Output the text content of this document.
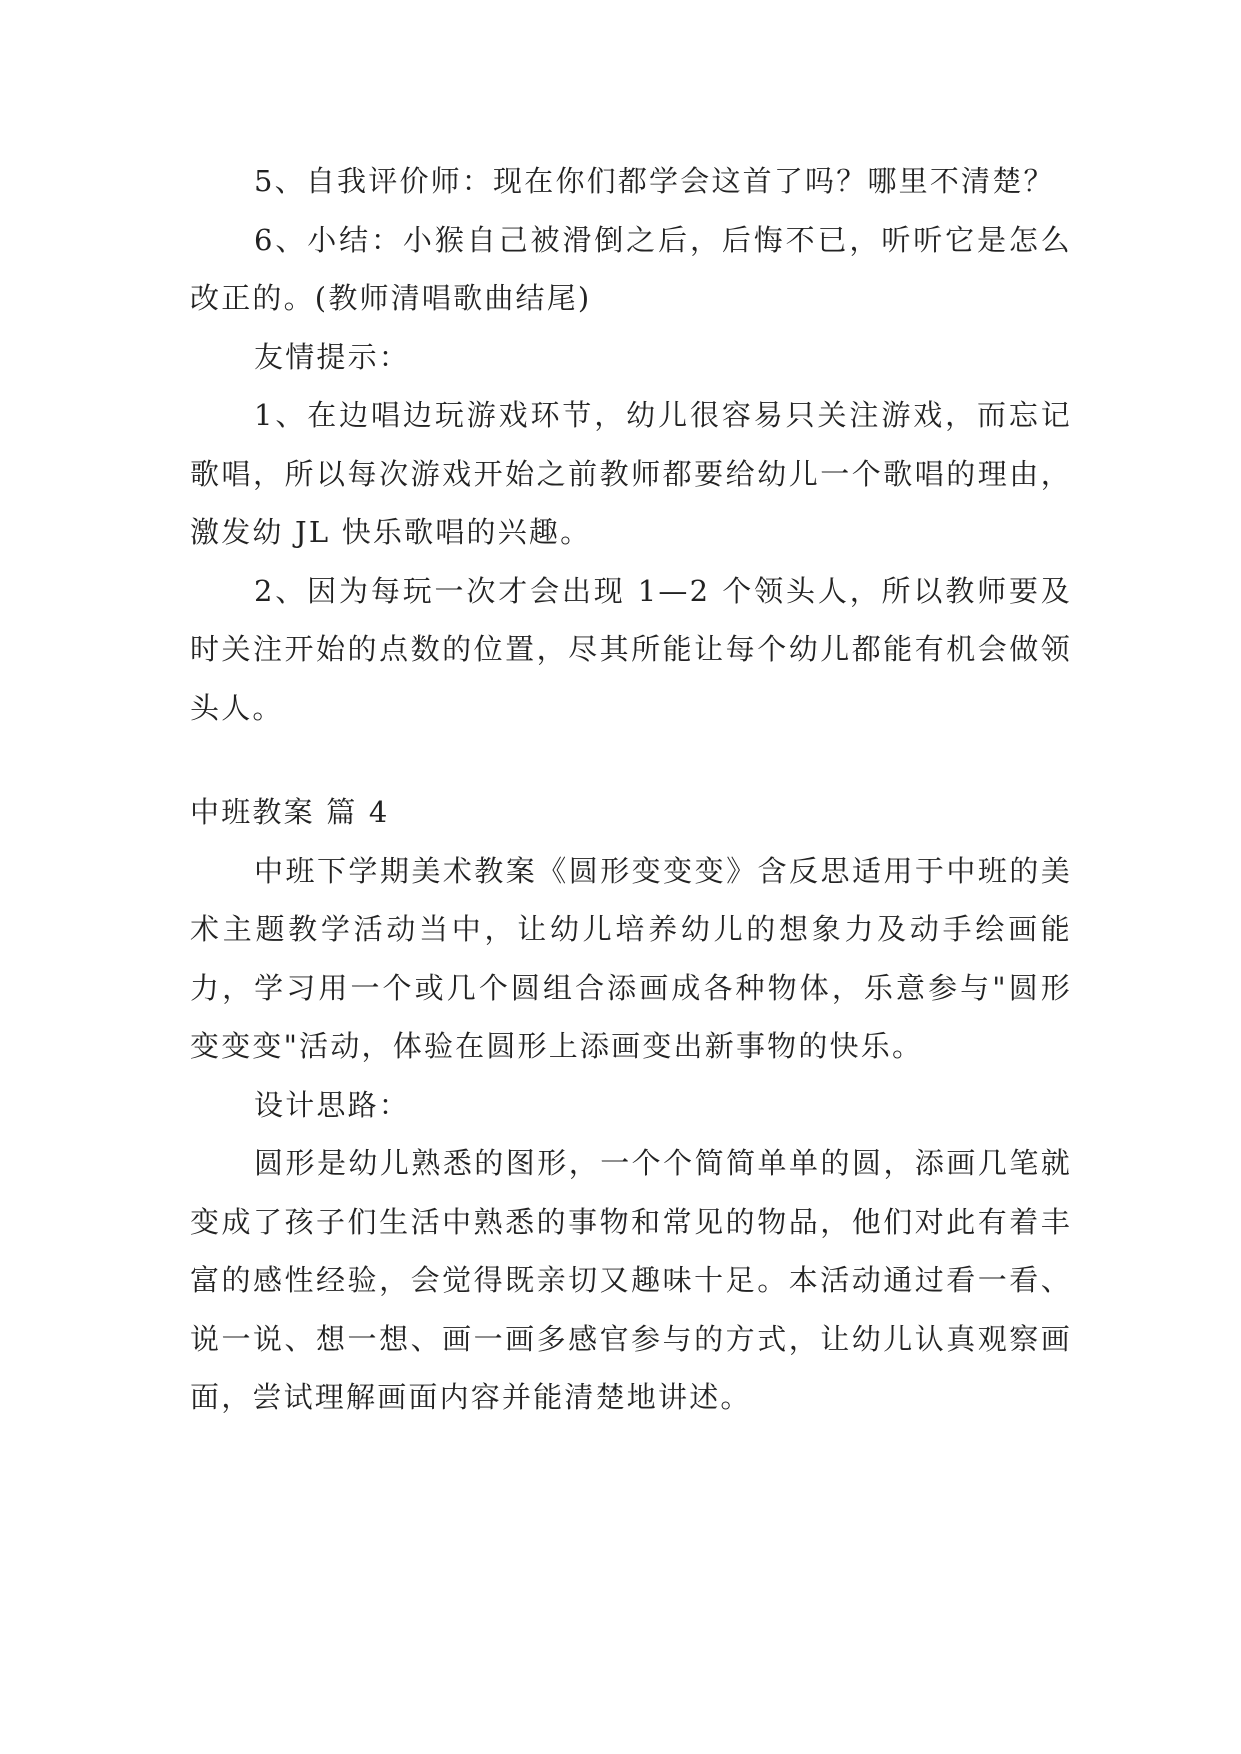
5、自我评价师：现在你们都学会这首了吗？哪里不清楚？

6、小结：小猴自己被滑倒之后，后悔不已，听听它是怎么改正的。(教师清唱歌曲结尾)

友情提示：

1、在边唱边玩游戏环节，幼儿很容易只关注游戏，而忘记歌唱，所以每次游戏开始之前教师都要给幼儿一个歌唱的理由，激发幼 JL 快乐歌唱的兴趣。

2、因为每玩一次才会出现 1—2 个领头人，所以教师要及时关注开始的点数的位置，尽其所能让每个幼儿都能有机会做领头人。

中班教案 篇 4

中班下学期美术教案《圆形变变变》含反思适用于中班的美术主题教学活动当中，让幼儿培养幼儿的想象力及动手绘画能力，学习用一个或几个圆组合添画成各种物体，乐意参与"圆形变变变"活动，体验在圆形上添画变出新事物的快乐。

设计思路：

圆形是幼儿熟悉的图形，一个个简简单单的圆，添画几笔就变成了孩子们生活中熟悉的事物和常见的物品，他们对此有着丰富的感性经验，会觉得既亲切又趣味十足。本活动通过看一看、说一说、想一想、画一画多感官参与的方式，让幼儿认真观察画面，尝试理解画面内容并能清楚地讲述。
